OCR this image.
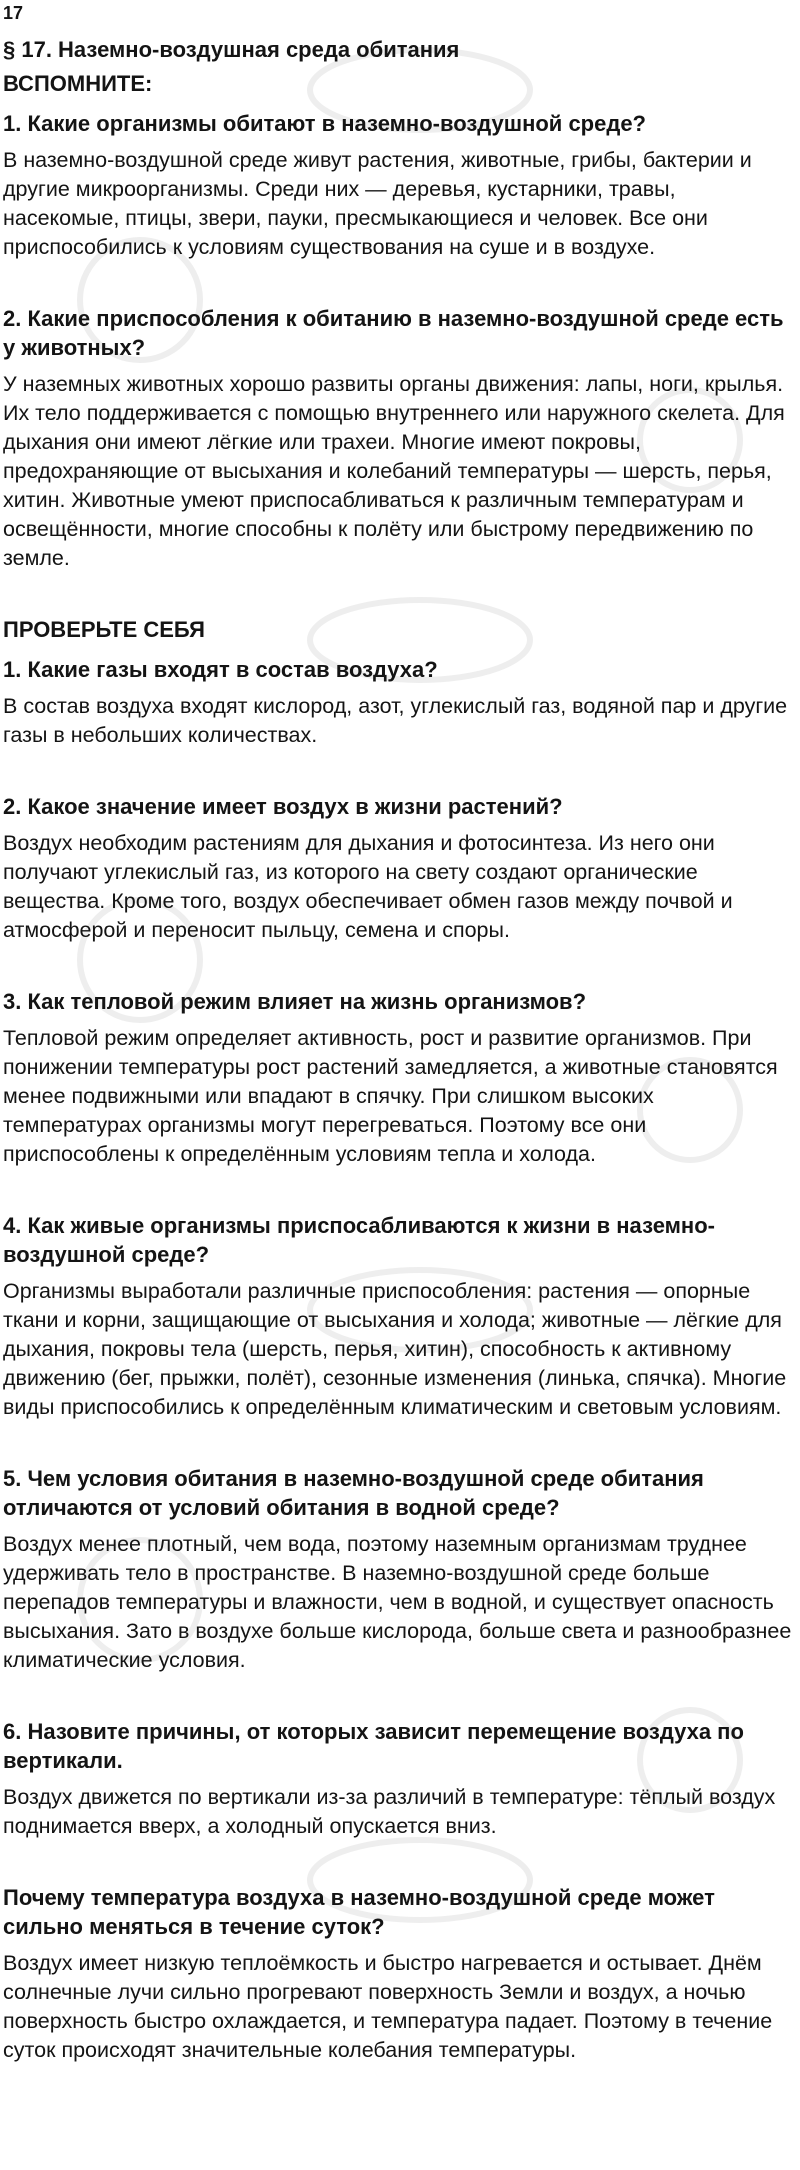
17
§ 17. Наземно-воздушная среда обитания
ВСПОМНИТЕ:
1. Какие организмы обитают в наземно-воздушной среде?
В наземно-воздушной среде живут растения, животные, грибы, бактерии и другие микроорганизмы. Среди них — деревья, кустарники, травы, насекомые, птицы, звери, пауки, пресмыкающиеся и человек. Все они приспособились к условиям существования на суше и в воздухе.
2. Какие приспособления к обитанию в наземно-воздушной среде есть у животных?
У наземных животных хорошо развиты органы движения: лапы, ноги, крылья. Их тело поддерживается с помощью внутреннего или наружного скелета. Для дыхания они имеют лёгкие или трахеи. Многие имеют покровы, предохраняющие от высыхания и колебаний температуры — шерсть, перья, хитин. Животные умеют приспосабливаться к различным температурам и освещённости, многие способны к полёту или быстрому передвижению по земле.
ПРОВЕРЬТЕ СЕБЯ
1. Какие газы входят в состав воздуха?
В состав воздуха входят кислород, азот, углекислый газ, водяной пар и другие газы в небольших количествах.
2. Какое значение имеет воздух в жизни растений?
Воздух необходим растениям для дыхания и фотосинтеза. Из него они получают углекислый газ, из которого на свету создают органические вещества. Кроме того, воздух обеспечивает обмен газов между почвой и атмосферой и переносит пыльцу, семена и споры.
3. Как тепловой режим влияет на жизнь организмов?
Тепловой режим определяет активность, рост и развитие организмов. При понижении температуры рост растений замедляется, а животные становятся менее подвижными или впадают в спячку. При слишком высоких температурах организмы могут перегреваться. Поэтому все они приспособлены к определённым условиям тепла и холода.
4. Как живые организмы приспосабливаются к жизни в наземно-воздушной среде?
Организмы выработали различные приспособления: растения — опорные ткани и корни, защищающие от высыхания и холода; животные — лёгкие для дыхания, покровы тела (шерсть, перья, хитин), способность к активному движению (бег, прыжки, полёт), сезонные изменения (линька, спячка). Многие виды приспособились к определённым климатическим и световым условиям.
5. Чем условия обитания в наземно-воздушной среде обитания отличаются от условий обитания в водной среде?
Воздух менее плотный, чем вода, поэтому наземным организмам труднее удерживать тело в пространстве. В наземно-воздушной среде больше перепадов температуры и влажности, чем в водной, и существует опасность высыхания. Зато в воздухе больше кислорода, больше света и разнообразнее климатические условия.
6. Назовите причины, от которых зависит перемещение воздуха по вертикали.
Воздух движется по вертикали из-за различий в температуре: тёплый воздух поднимается вверх, а холодный опускается вниз.
Почему температура воздуха в наземно-воздушной среде может сильно меняться в течение суток?
Воздух имеет низкую теплоёмкость и быстро нагревается и остывает. Днём солнечные лучи сильно прогревают поверхность Земли и воздух, а ночью поверхность быстро охлаждается, и температура падает. Поэтому в течение суток происходят значительные колебания температуры.
